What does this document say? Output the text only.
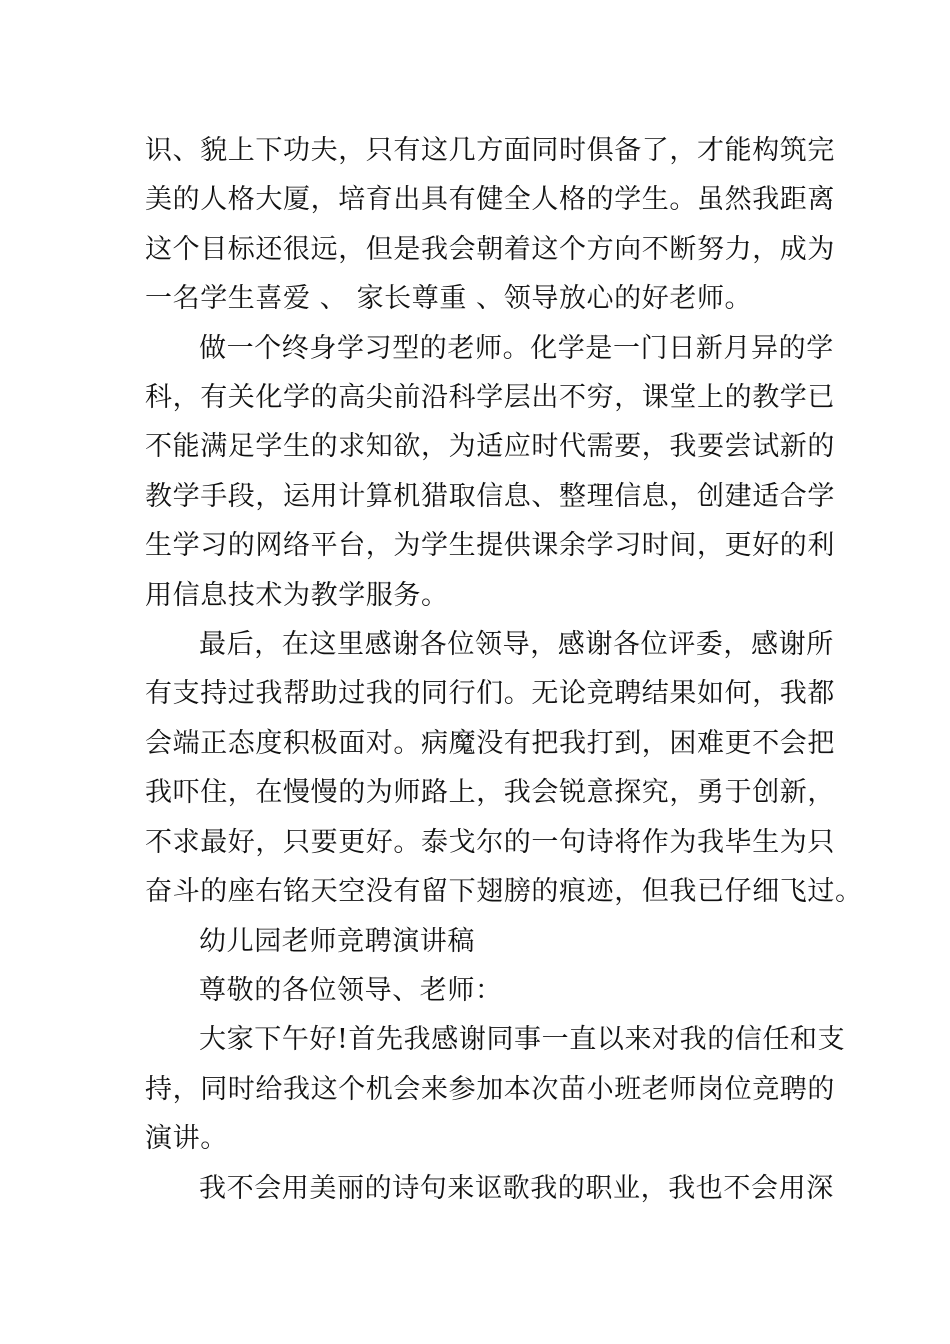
识、貌上下功夫，只有这几方面同时俱备了，才能构筑完

美的人格大厦，培育出具有健全人格的学生。虽然我距离

这个目标还很远，但是我会朝着这个方向不断努力，成为

一名学生喜爱 、 家长尊重 、领导放心的好老师。

做一个终身学习型的老师。化学是一门日新月异的学

科，有关化学的高尖前沿科学层出不穷，课堂上的教学已

不能满足学生的求知欲，为适应时代需要，我要尝试新的

教学手段，运用计算机猎取信息、整理信息，创建适合学

生学习的网络平台，为学生提供课余学习时间，更好的利

用信息技术为教学服务。

最后，在这里感谢各位领导，感谢各位评委，感谢所

有支持过我帮助过我的同行们。无论竞聘结果如何，我都

会端正态度积极面对。病魔没有把我打到，困难更不会把

我吓住，在慢慢的为师路上，我会锐意探究，勇于创新，

不求最好，只要更好。泰戈尔的一句诗将作为我毕生为只

奋斗的座右铭天空没有留下翅膀的痕迹，但我已仔细飞过。

幼儿园老师竞聘演讲稿

尊敬的各位领导、老师：

大家下午好!首先我感谢同事一直以来对我的信任和支

持，同时给我这个机会来参加本次苗小班老师岗位竞聘的

演讲。

我不会用美丽的诗句来讴歌我的职业，我也不会用深
